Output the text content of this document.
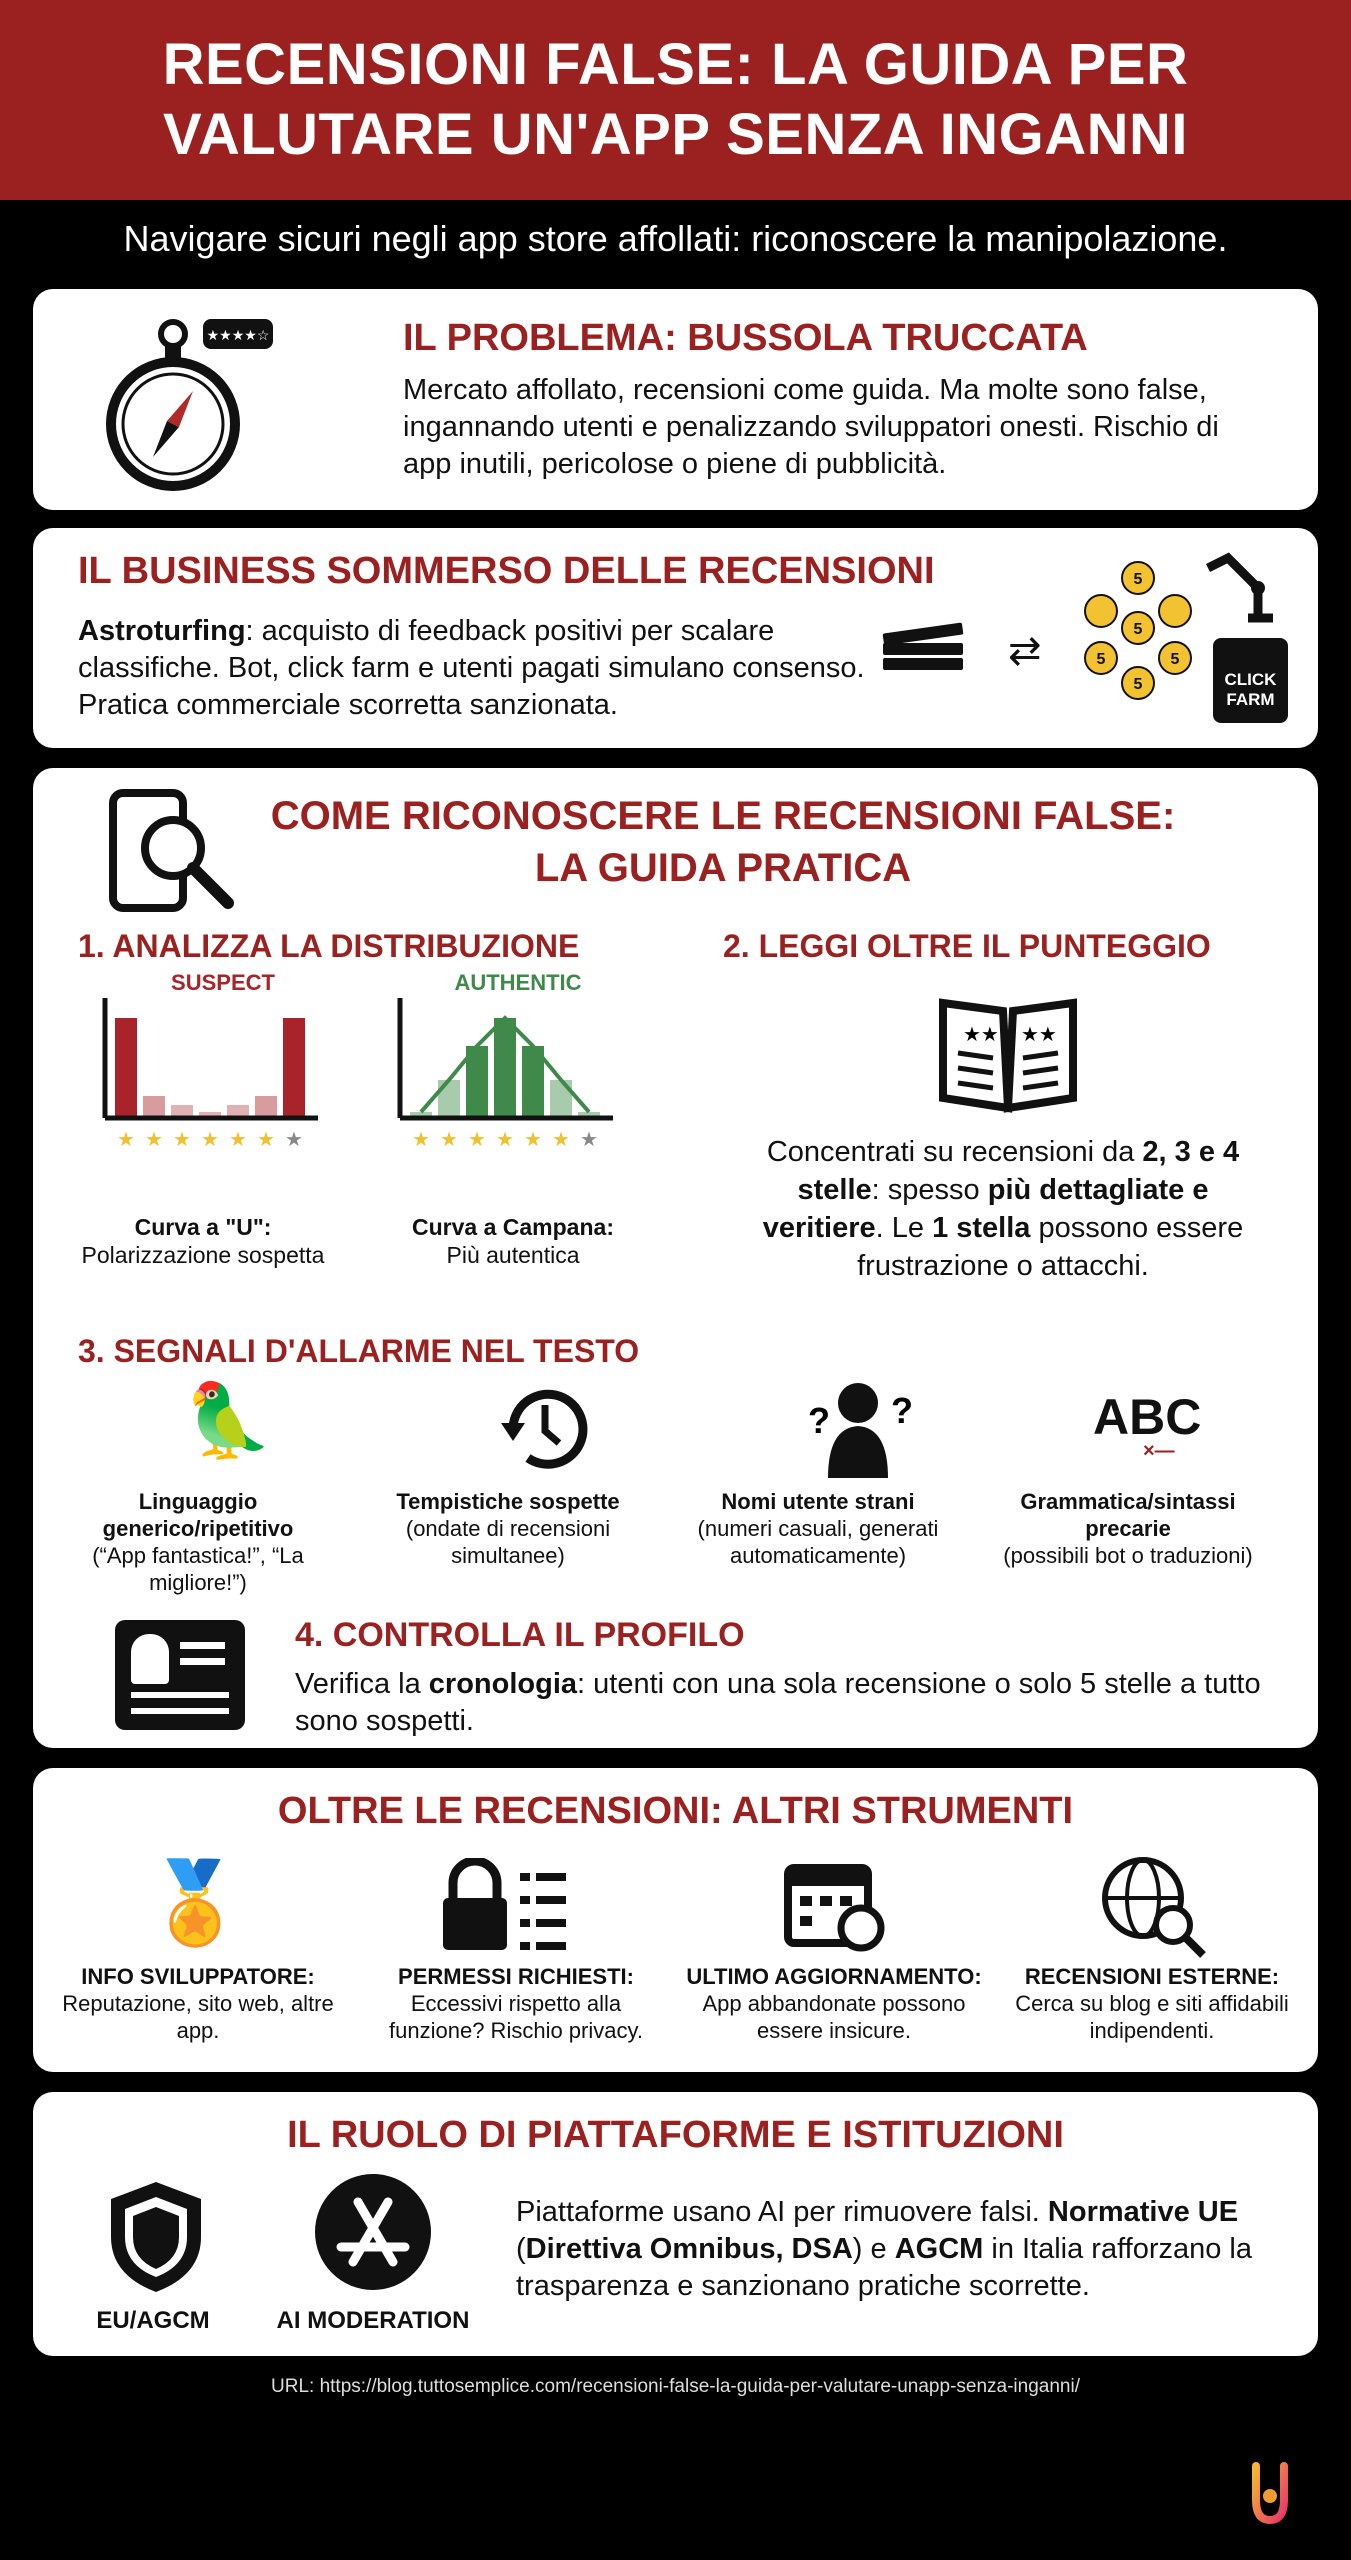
RECENSIONI FALSE: LA GUIDA PER
VALUTARE UN'APP SENZA INGANNI
Navigare sicuri negli app store affollati: riconoscere la manipolazione.
★★★★☆	IL PROBLEMA: BUSSOLA TRUCCATA
Mercato affollato, recensioni come guida. Ma molte sono false, ingannando utenti e penalizzando sviluppatori onesti. Rischio di app inutili, pericolose o piene di pubblicità.
IL BUSINESS SOMMERSO DELLE RECENSIONI
Astroturfing: acquisto di feedback positivi per scalare classifiche. Bot, click farm e utenti pagati simulano consenso. Pratica commerciale scorretta sanzionata.
⇄
5
5
5	5
5	CLICK
FARM
COME RICONOSCERE LE RECENSIONI FALSE:
LA GUIDA PRATICA
1. ANALIZZA LA DISTRIBUZIONE
SUSPECT
★ ★ ★ ★ ★ ★ ★
AUTHENTIC
★ ★ ★ ★ ★ ★ ★
Curva a "U":
Polarizzazione sospetta
Curva a Campana:
Più autentica
2. LEGGI OLTRE IL PUNTEGGIO
★★ ★★
Concentrati su recensioni da 2, 3 e 4 stelle: spesso più dettagliate e veritiere. Le 1 stella possono essere frustrazione o attacchi.
3. SEGNALI D'ALLARME NEL TESTO
🦜	? ?	ABC
×—
Linguaggio generico/ripetitivo
(“App fantastica!”, “La migliore!”)
Tempistiche sospette
(ondate di recensioni simultanee)
Nomi utente strani
(numeri casuali, generati automaticamente)
Grammatica/sintassi precarie
(possibili bot o traduzioni)
4. CONTROLLA IL PROFILO
Verifica la cronologia: utenti con una sola recensione o solo 5 stelle a tutto sono sospetti.
OLTRE LE RECENSIONI: ALTRI STRUMENTI
🏅
INFO SVILUPPATORE:
Reputazione, sito web, altre app.
PERMESSI RICHIESTI:
Eccessivi rispetto alla funzione? Rischio privacy.
ULTIMO AGGIORNAMENTO:
App abbandonate possono essere insicure.
RECENSIONI ESTERNE:
Cerca su blog e siti affidabili indipendenti.
IL RUOLO DI PIATTAFORME E ISTITUZIONI
EU/AGCM	AI MODERATION
Piattaforme usano AI per rimuovere falsi. Normative UE (Direttiva Omnibus, DSA) e AGCM in Italia rafforzano la trasparenza e sanzionano pratiche scorrette.
URL: https://blog.tuttosemplice.com/recensioni-false-la-guida-per-valutare-unapp-senza-inganni/
